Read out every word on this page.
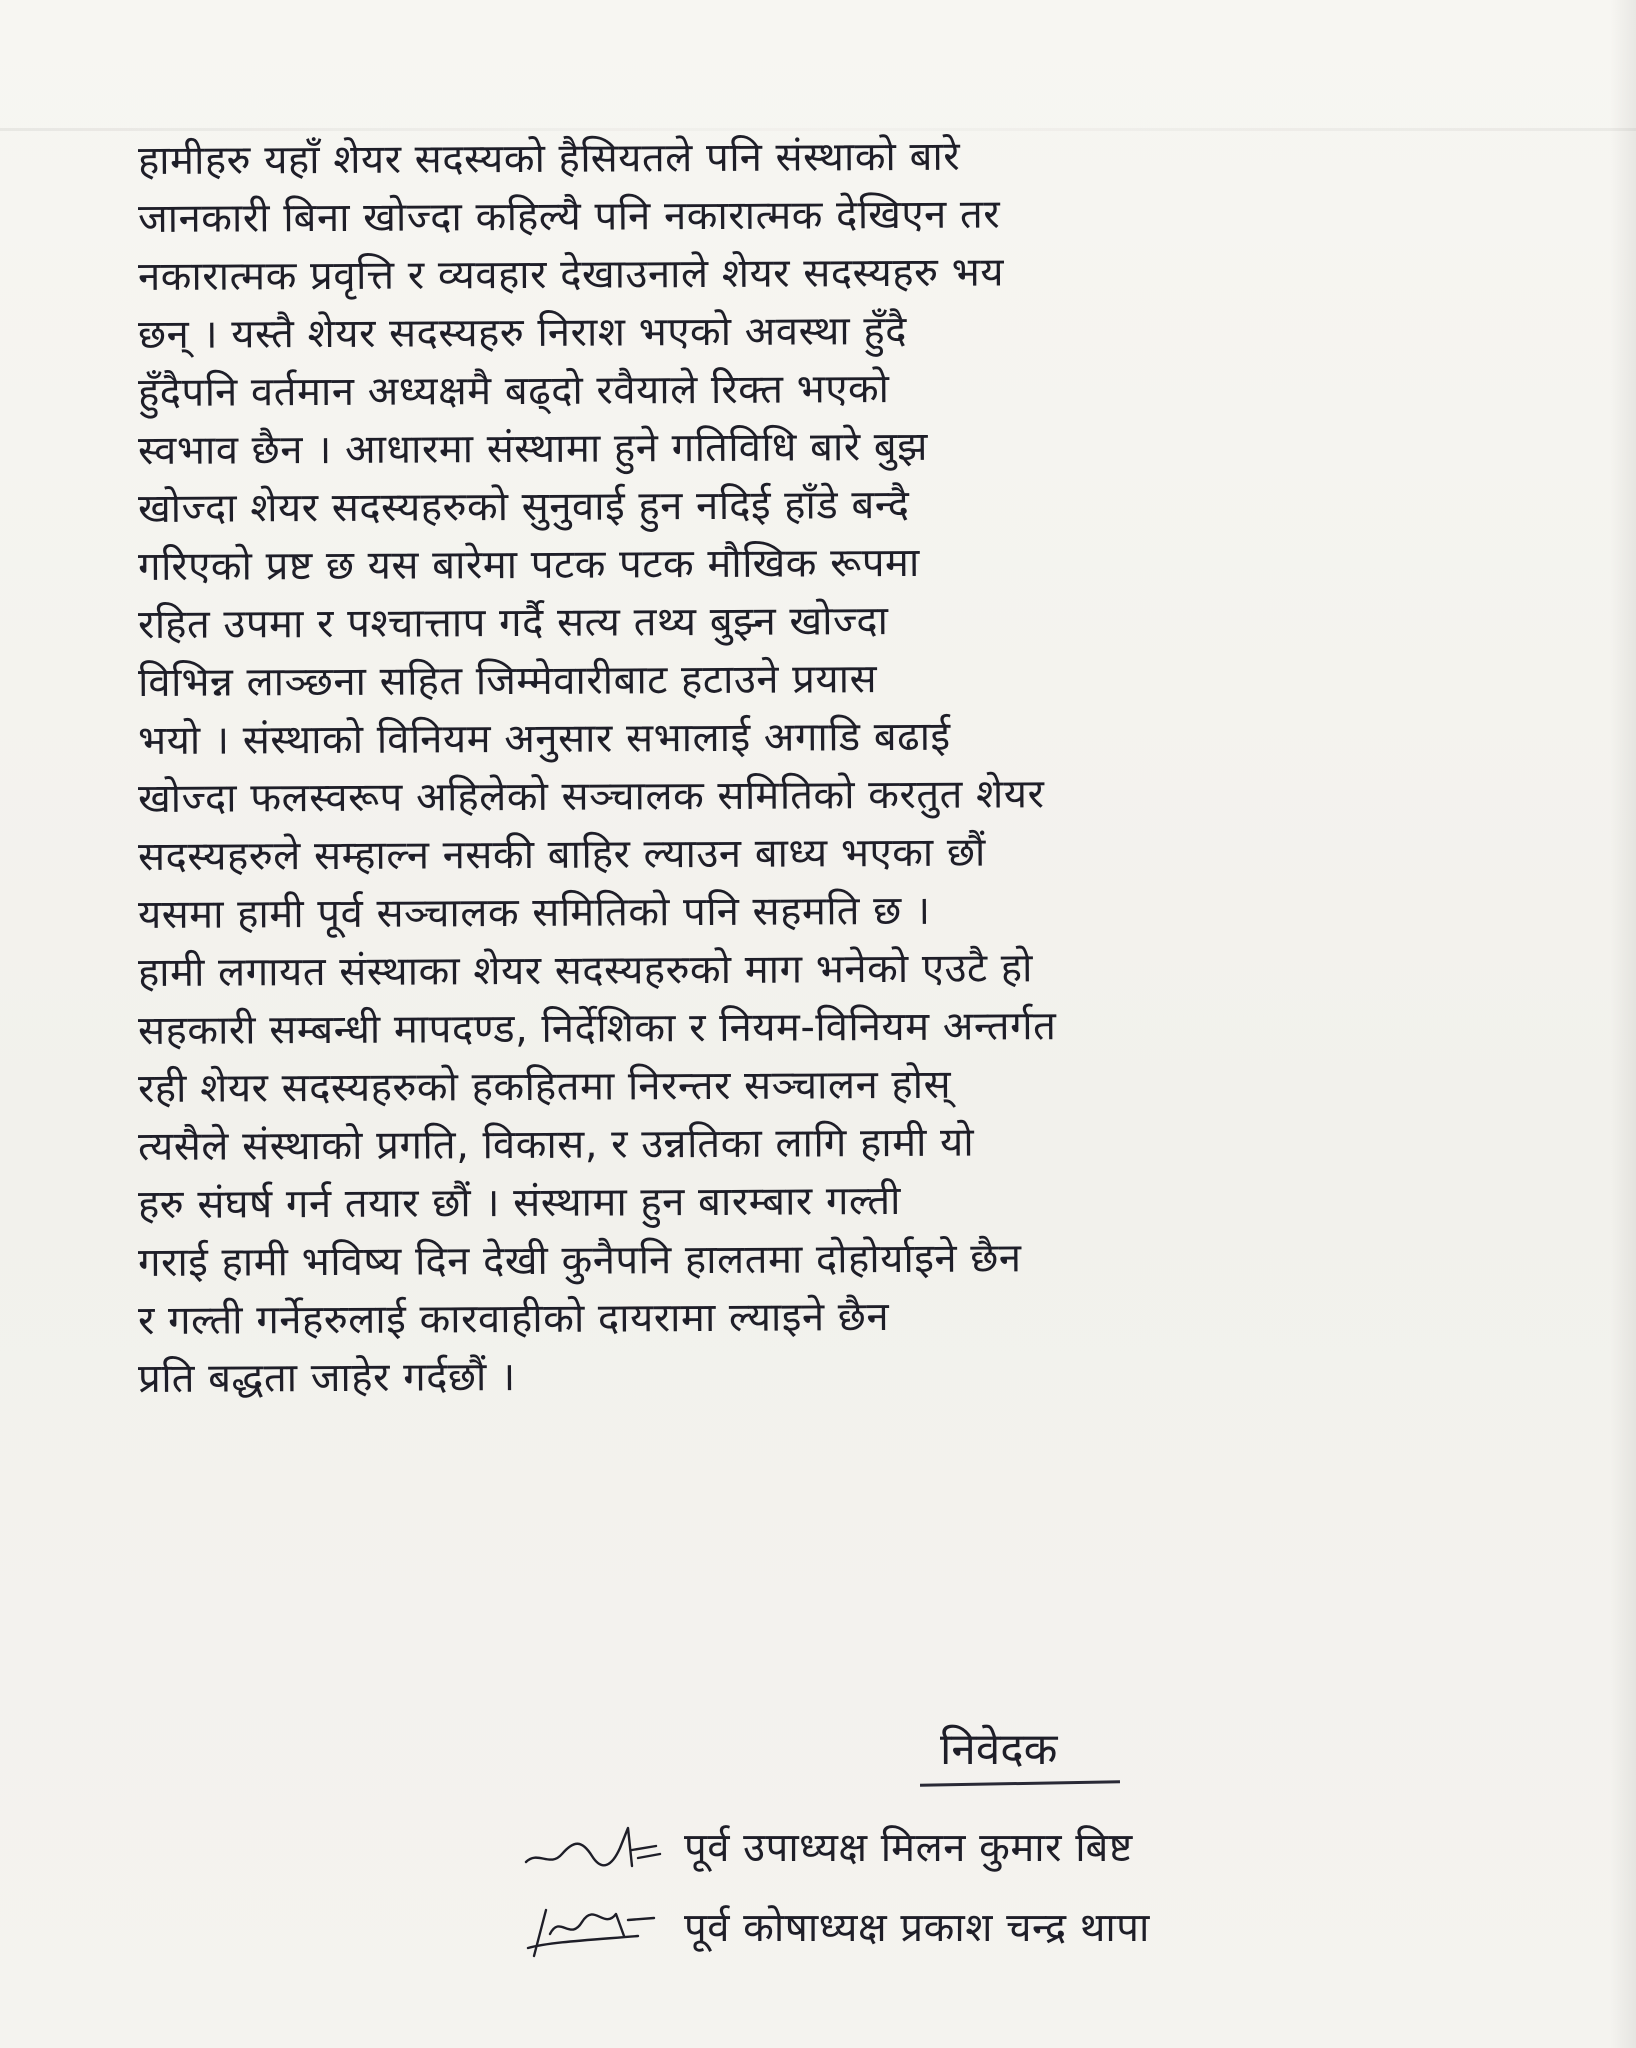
हामीहरु यहाँ शेयर सदस्यको हैसियतले पनि संस्थाको बारे
जानकारी बिना खोज्दा कहिल्यै पनि नकारात्मक देखिएन तर
नकारात्मक प्रवृत्ति र व्यवहार देखाउनाले शेयर सदस्यहरु भय
छन् । यस्तै शेयर सदस्यहरु निराश भएको अवस्था हुँदै
हुँदैपनि वर्तमान अध्यक्षमै बढ्दो रवैयाले रिक्त भएको
स्वभाव छैन । आधारमा संस्थामा हुने गतिविधि बारे बुझ
खोज्दा शेयर सदस्यहरुको सुनुवाई हुन नदिई हाँडे बन्दै
गरिएको प्रष्ट छ यस बारेमा पटक पटक मौखिक रूपमा
रहित उपमा र पश्चात्ताप गर्दै सत्य तथ्य बुझ्न खोज्दा
विभिन्न लाञ्छना सहित जिम्मेवारीबाट हटाउने प्रयास
भयो । संस्थाको विनियम अनुसार सभालाई अगाडि बढाई
खोज्दा फलस्वरूप अहिलेको सञ्चालक समितिको करतुत शेयर
सदस्यहरुले सम्हाल्न नसकी बाहिर ल्याउन बाध्य भएका छौं
यसमा हामी पूर्व सञ्चालक समितिको पनि सहमति छ ।
हामी लगायत संस्थाका शेयर सदस्यहरुको माग भनेको एउटै हो
सहकारी सम्बन्धी मापदण्ड, निर्देशिका र नियम-विनियम अन्तर्गत
रही शेयर सदस्यहरुको हकहितमा निरन्तर सञ्चालन होस्
त्यसैले संस्थाको प्रगति, विकास, र उन्नतिका लागि हामी यो
हरु संघर्ष गर्न तयार छौं । संस्थामा हुन बारम्बार गल्ती
गराई हामी भविष्य दिन देखी कुनैपनि हालतमा दोहोर्याइने छैन
र गल्ती गर्नेहरुलाई कारवाहीको दायरामा ल्याइने छैन
प्रति बद्धता जाहेर गर्दछौं ।
निवेदक
पूर्व उपाध्यक्ष मिलन कुमार बिष्ट
पूर्व कोषाध्यक्ष प्रकाश चन्द्र थापा
